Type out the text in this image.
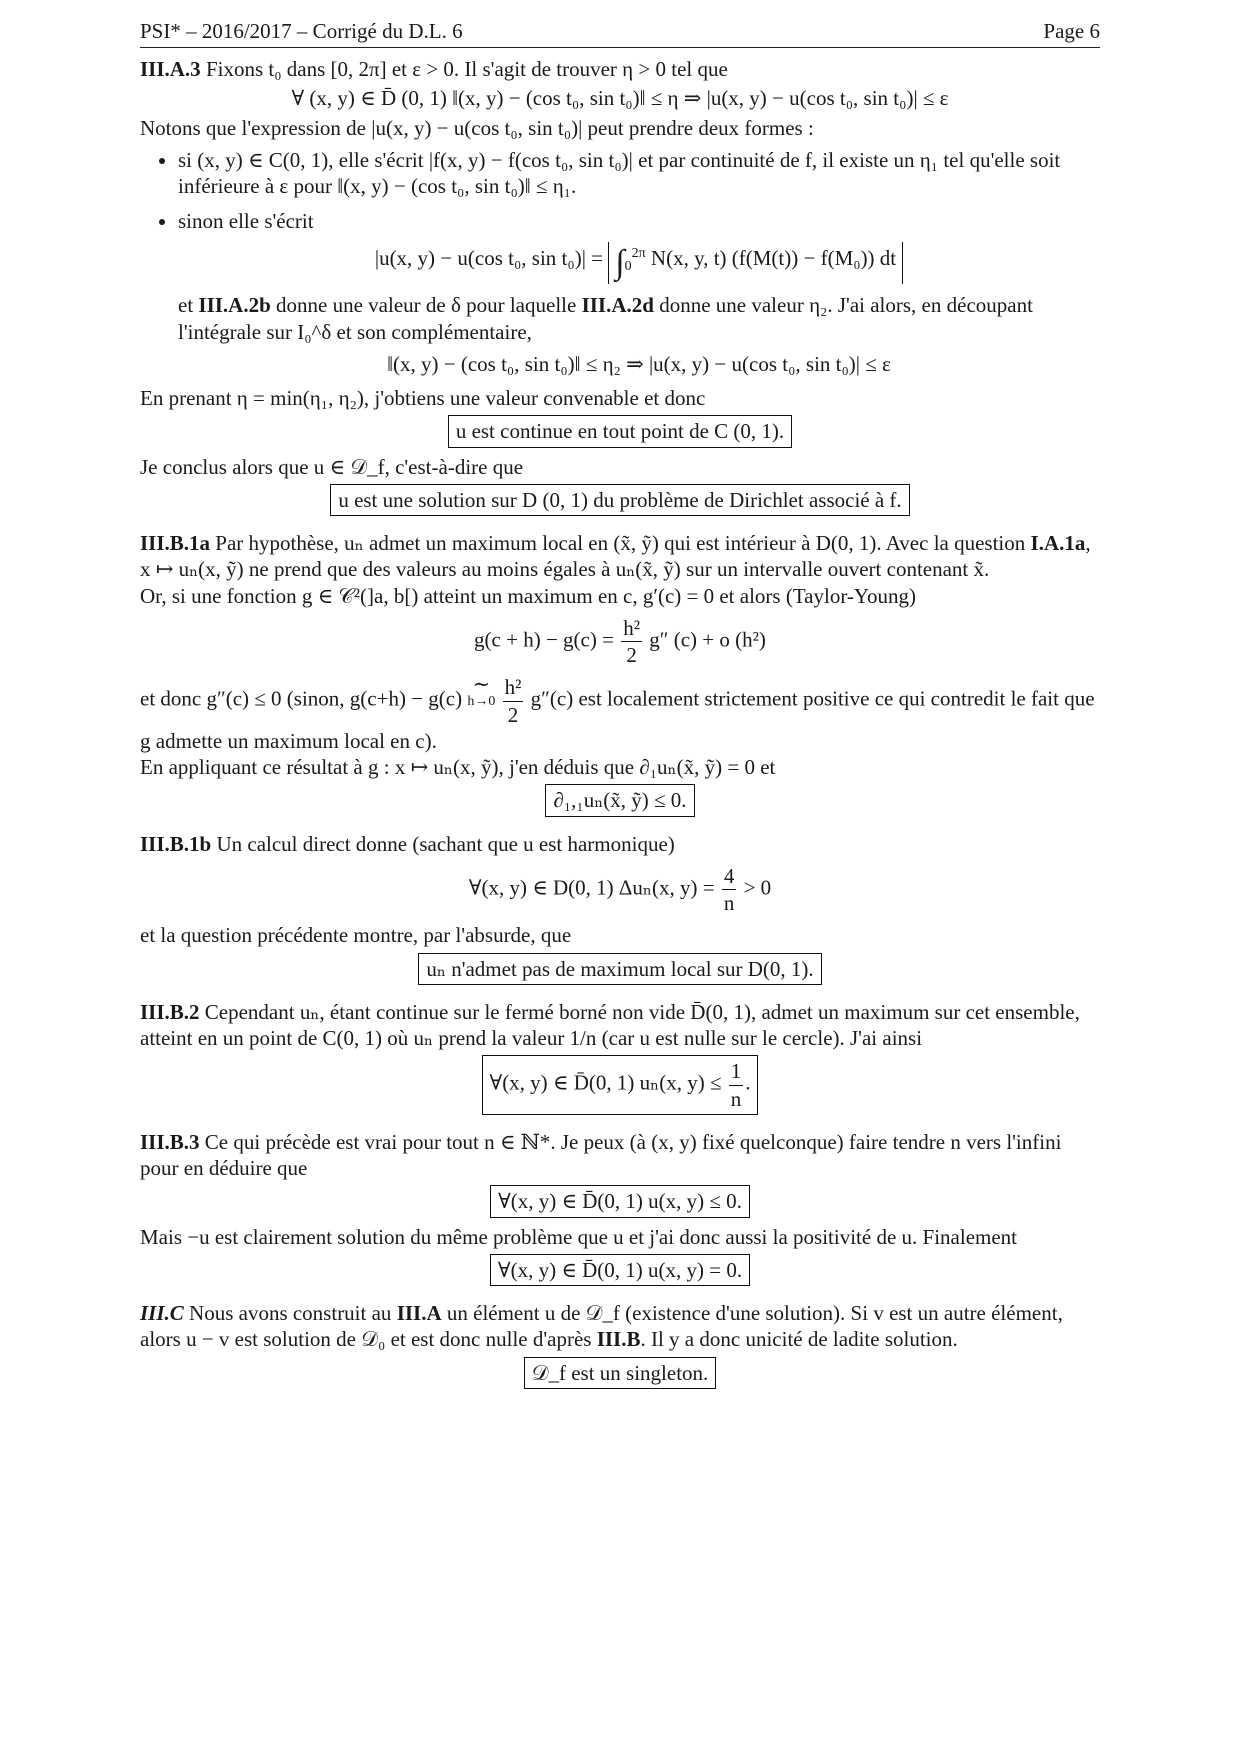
PSI* – 2016/2017 – Corrigé du D.L. 6	Page 6

III.A.3 Fixons t₀ dans [0, 2π] et ε > 0. Il s'agit de trouver η > 0 tel que

∀ (x, y) ∈ D̄ (0, 1) ‖(x, y) − (cos t₀, sin t₀)‖ ≤ η ⇒ |u(x, y) − u(cos t₀, sin t₀)| ≤ ε

Notons que l'expression de |u(x, y) − u(cos t₀, sin t₀)| peut prendre deux formes :

• si (x, y) ∈ C(0, 1), elle s'écrit |f(x, y) − f(cos t₀, sin t₀)| et par continuité de f, il existe un η₁ tel qu'elle soit inférieure à ε pour ‖(x, y) − (cos t₀, sin t₀)‖ ≤ η₁.
• sinon elle s'écrit
|u(x, y) − u(cos t₀, $\sin t_0)| = \int_0^{2\pi}$ N(x, y, t) (f(M(t)) − f(M₀)) dt
et III.A.2b donne une valeur de δ pour laquelle III.A.2d donne une valeur η₂. J'ai alors, en découpant l'intégrale sur I₀^δ et son complémentaire,

‖(x, y) − (cos t₀, sin t₀)‖ ≤ η₂ ⇒ |u(x, y) − u(cos t₀, sin t₀)| ≤ ε

En prenant η = min(η₁, η₂), j'obtiens une valeur convenable et donc

u est continue en tout point de C (0, 1).

Je conclus alors que u ∈ 𝒟_f, c'est-à-dire que

u est une solution sur D (0, 1) du problème de Dirichlet associé à f.

III.B.1a Par hypothèse, uₙ admet un maximum local en (x̃, ỹ) qui est intérieur à D(0, 1). Avec la question I.A.1a, x ↦ uₙ(x, ỹ) ne prend que des valeurs au moins égales à uₙ(x̃, ỹ) sur un intervalle ouvert contenant x̃.

Or, si une fonction g ∈ 𝒞²(]a, b[) atteint un maximum en c, g′(c) = 0 et alors (Taylor-Young)

$g(c + h) - g(c) = \frac{\text{h²}}{2} g''$ (c) + o (h²)

et donc g″(c) ≤ 0 (sinon, g(c+h) − g(c) ∼
h→0
$\frac{\text{h²}}{2} g''(c)$ est localement strictement positive ce qui contredit le fait que g admette un maximum local en c).

En appliquant ce résultat à g : x ↦ uₙ(x, ỹ), j'en déduis que ∂₁uₙ(x̃, ỹ) = 0 et

∂₁,₁uₙ(x̃, ỹ) ≤ 0.

III.B.1b Un calcul direct donne (sachant que u est harmonique)

∀(x, y) ∈ D(0, 1) Δuₙ(x, $y) = \frac{4}{n} > 0$

et la question précédente montre, par l'absurde, que

uₙ n'admet pas de maximum local sur D(0, 1).

III.B.2 Cependant uₙ, étant continue sur le fermé borné non vide D̄(0, 1), admet un maximum sur cet ensemble, atteint en un point de C(0, 1) où uₙ prend la valeur 1/n (car u est nulle sur le cercle). J'ai ainsi

∀(x, y) ∈ D̄(0, 1) uₙ(x, $y) \le \frac{1}{n}$ .

III.B.3 Ce qui précède est vrai pour tout n ∈ ℕ*. Je peux (à (x, y) fixé quelconque) faire tendre n vers l'infini pour en déduire que

∀(x, y) ∈ D̄(0, 1) u(x, y) ≤ 0.

Mais −u est clairement solution du même problème que u et j'ai donc aussi la positivité de u. Finalement

∀(x, y) ∈ D̄(0, 1) u(x, y) = 0.

III.C Nous avons construit au III.A un élément u de 𝒟_f (existence d'une solution). Si v est un autre élément, alors u − v est solution de 𝒟₀ et est donc nulle d'après III.B. Il y a donc unicité de ladite solution.

𝒟_f est un singleton.
